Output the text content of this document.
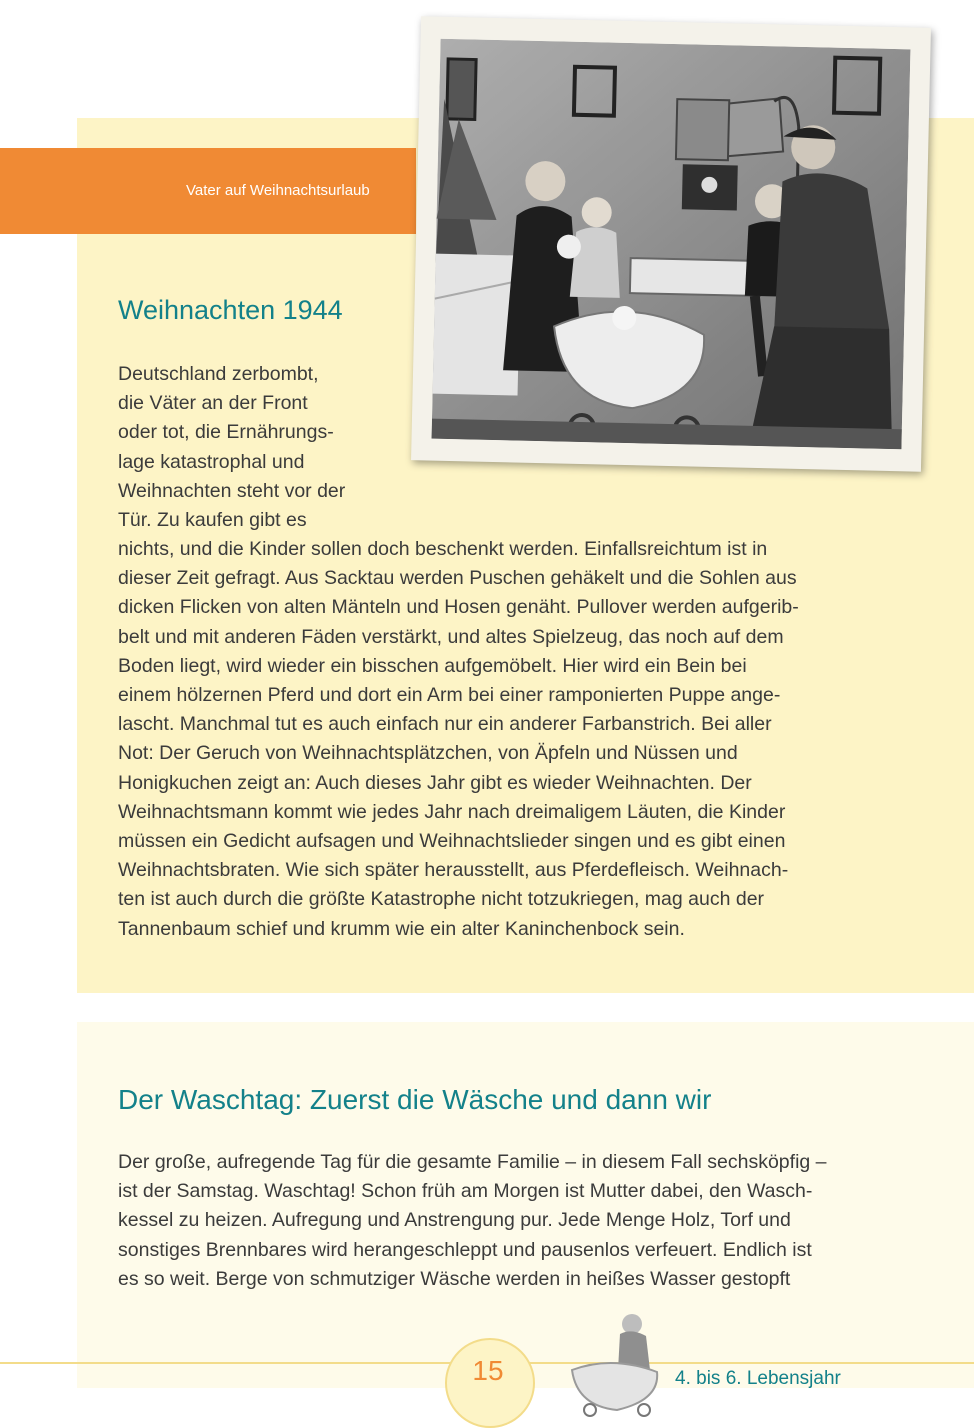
Vater auf Weihnachtsurlaub
Weihnachten 1944

Deutschland zerbombt,
die Väter an der Front
oder tot, die Ernährungs-
lage katastrophal und
Weihnachten steht vor der
Tür. Zu kaufen gibt es

nichts, und die Kinder sollen doch beschenkt werden. Einfallsreichtum ist in
dieser Zeit gefragt. Aus Sacktau werden Puschen gehäkelt und die Sohlen aus
dicken Flicken von alten Mänteln und Hosen genäht. Pullover werden aufgerib-
belt und mit anderen Fäden verstärkt, und altes Spielzeug, das noch auf dem
Boden liegt, wird wieder ein bisschen aufgemöbelt. Hier wird ein Bein bei
einem hölzernen Pferd und dort ein Arm bei einer ramponierten Puppe ange-
lascht. Manchmal tut es auch einfach nur ein anderer Farbanstrich. Bei aller
Not: Der Geruch von Weihnachtsplätzchen, von Äpfeln und Nüssen und
Honigkuchen zeigt an: Auch dieses Jahr gibt es wieder Weihnachten. Der
Weihnachtsmann kommt wie jedes Jahr nach dreimaligem Läuten, die Kinder
müssen ein Gedicht aufsagen und Weihnachtslieder singen und es gibt einen
Weihnachtsbraten. Wie sich später herausstellt, aus Pferdefleisch. Weihnach-
ten ist auch durch die größte Katastrophe nicht totzukriegen, mag auch der
Tannenbaum schief und krumm wie ein alter Kaninchenbock sein.

Der Waschtag: Zuerst die Wäsche und dann wir

Der große, aufregende Tag für die gesamte Familie – in diesem Fall sechsköpfig –
ist der Samstag. Waschtag! Schon früh am Morgen ist Mutter dabei, den Wasch-
kessel zu heizen. Aufregung und Anstrengung pur. Jede Menge Holz, Torf und
sonstiges Brennbares wird herangeschleppt und pausenlos verfeuert. Endlich ist
es so weit. Berge von schmutziger Wäsche werden in heißes Wasser gestopft

15	4. bis 6. Lebensjahr
